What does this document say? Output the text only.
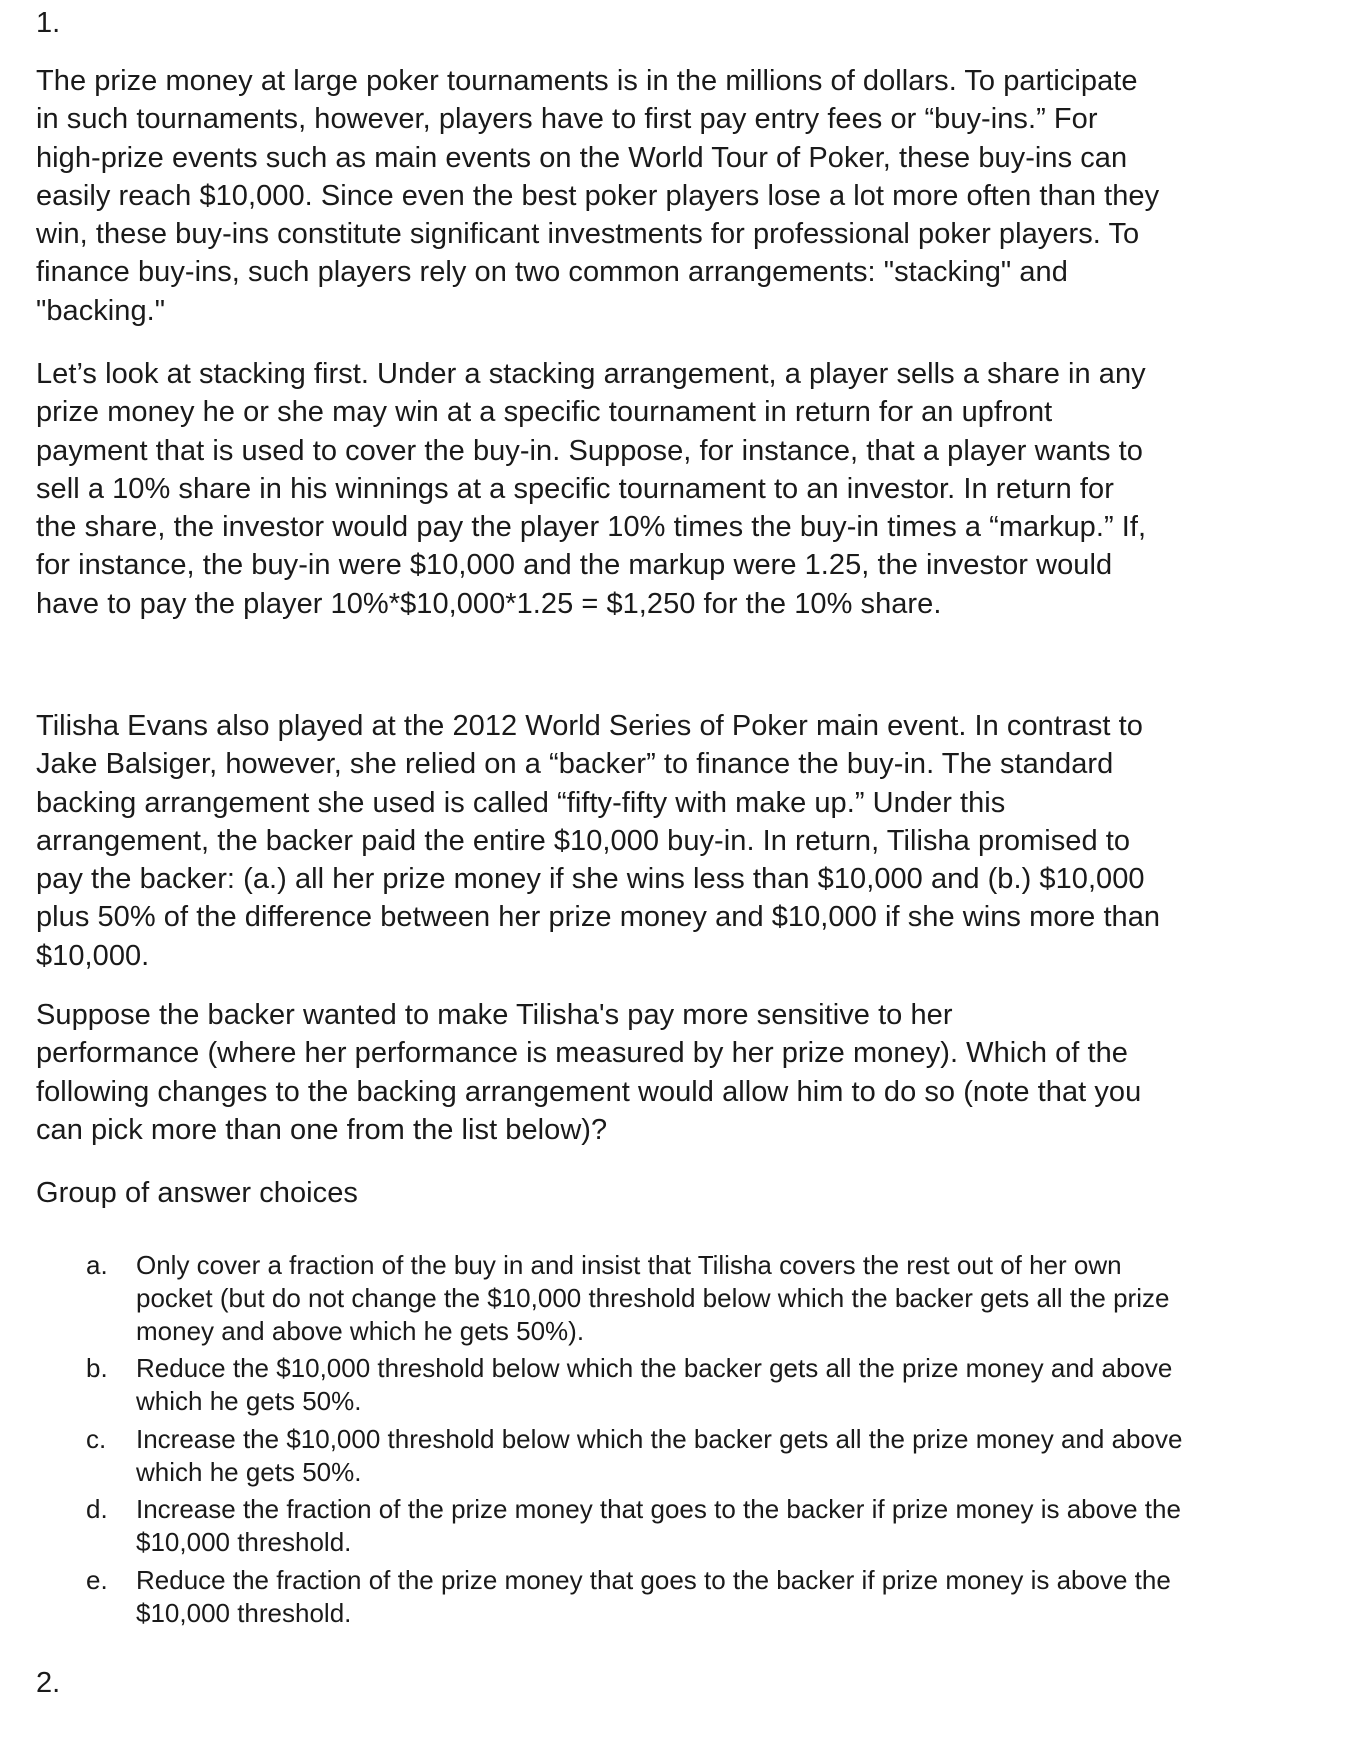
1.

The prize money at large poker tournaments is in the millions of dollars. To participate
in such tournaments, however, players have to first pay entry fees or “buy-ins.” For
high-prize events such as main events on the World Tour of Poker, these buy-ins can
easily reach $10,000. Since even the best poker players lose a lot more often than they
win, these buy-ins constitute significant investments for professional poker players. To
finance buy-ins, such players rely on two common arrangements: "stacking" and
"backing."

Let’s look at stacking first. Under a stacking arrangement, a player sells a share in any
prize money he or she may win at a specific tournament in return for an upfront
payment that is used to cover the buy-in. Suppose, for instance, that a player wants to
sell a 10% share in his winnings at a specific tournament to an investor. In return for
the share, the investor would pay the player 10% times the buy-in times a “markup.” If,
for instance, the buy-in were $10,000 and the markup were 1.25, the investor would
have to pay the player 10%*$10,000*1.25 = $1,250 for the 10% share.

Tilisha Evans also played at the 2012 World Series of Poker main event. In contrast to
Jake Balsiger, however, she relied on a “backer” to finance the buy-in. The standard
backing arrangement she used is called “fifty-fifty with make up.” Under this
arrangement, the backer paid the entire $10,000 buy-in. In return, Tilisha promised to
pay the backer: (a.) all her prize money if she wins less than $10,000 and (b.) $10,000
plus 50% of the difference between her prize money and $10,000 if she wins more than
$10,000.

Suppose the backer wanted to make Tilisha's pay more sensitive to her
performance (where her performance is measured by her prize money). Which of the
following changes to the backing arrangement would allow him to do so (note that you
can pick more than one from the list below)?

Group of answer choices

a. Only cover a fraction of the buy in and insist that Tilisha covers the rest out of her own
pocket (but do not change the $10,000 threshold below which the backer gets all the prize
money and above which he gets 50%).
b. Reduce the $10,000 threshold below which the backer gets all the prize money and above
which he gets 50%.
c. Increase the $10,000 threshold below which the backer gets all the prize money and above
which he gets 50%.
d. Increase the fraction of the prize money that goes to the backer if prize money is above the
$10,000 threshold.
e. Reduce the fraction of the prize money that goes to the backer if prize money is above the
$10,000 threshold.
2.
